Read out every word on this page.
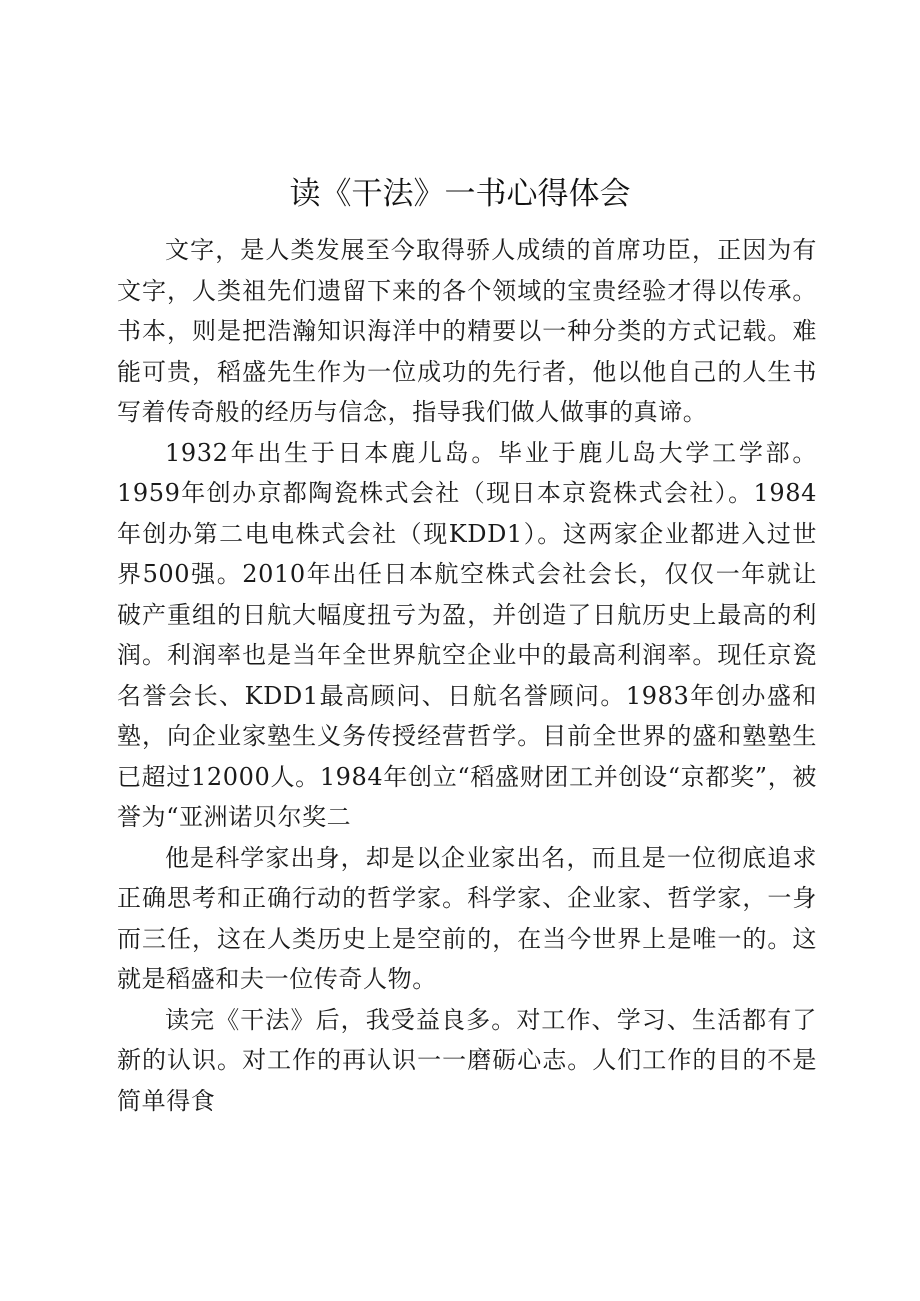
读《干法》一书心得体会

文字，是人类发展至今取得骄人成绩的首席功臣，正因为有文字，人类祖先们遗留下来的各个领域的宝贵经验才得以传承。书本，则是把浩瀚知识海洋中的精要以一种分类的方式记载。难能可贵，稻盛先生作为一位成功的先行者，他以他自己的人生书写着传奇般的经历与信念，指导我们做人做事的真谛。

1932年出生于日本鹿儿岛。毕业于鹿儿岛大学工学部。1959年创办京都陶瓷株式会社（现日本京瓷株式会社）。1984年创办第二电电株式会社（现KDD1）。这两家企业都进入过世界500强。2010年出任日本航空株式会社会长，仅仅一年就让破产重组的日航大幅度扭亏为盈，并创造了日航历史上最高的利润。利润率也是当年全世界航空企业中的最高利润率。现任京瓷名誉会长、KDD1最高顾问、日航名誉顾问。1983年创办盛和塾，向企业家塾生义务传授经营哲学。目前全世界的盛和塾塾生已超过12000人。1984年创立“稻盛财团工并创设“京都奖”，被誉为“亚洲诺贝尔奖二

他是科学家出身，却是以企业家出名，而且是一位彻底追求正确思考和正确行动的哲学家。科学家、企业家、哲学家，一身而三任，这在人类历史上是空前的，在当今世界上是唯一的。这就是稻盛和夫一位传奇人物。

读完《干法》后，我受益良多。对工作、学习、生活都有了新的认识。对工作的再认识一一磨砺心志。人们工作的目的不是简单得食
